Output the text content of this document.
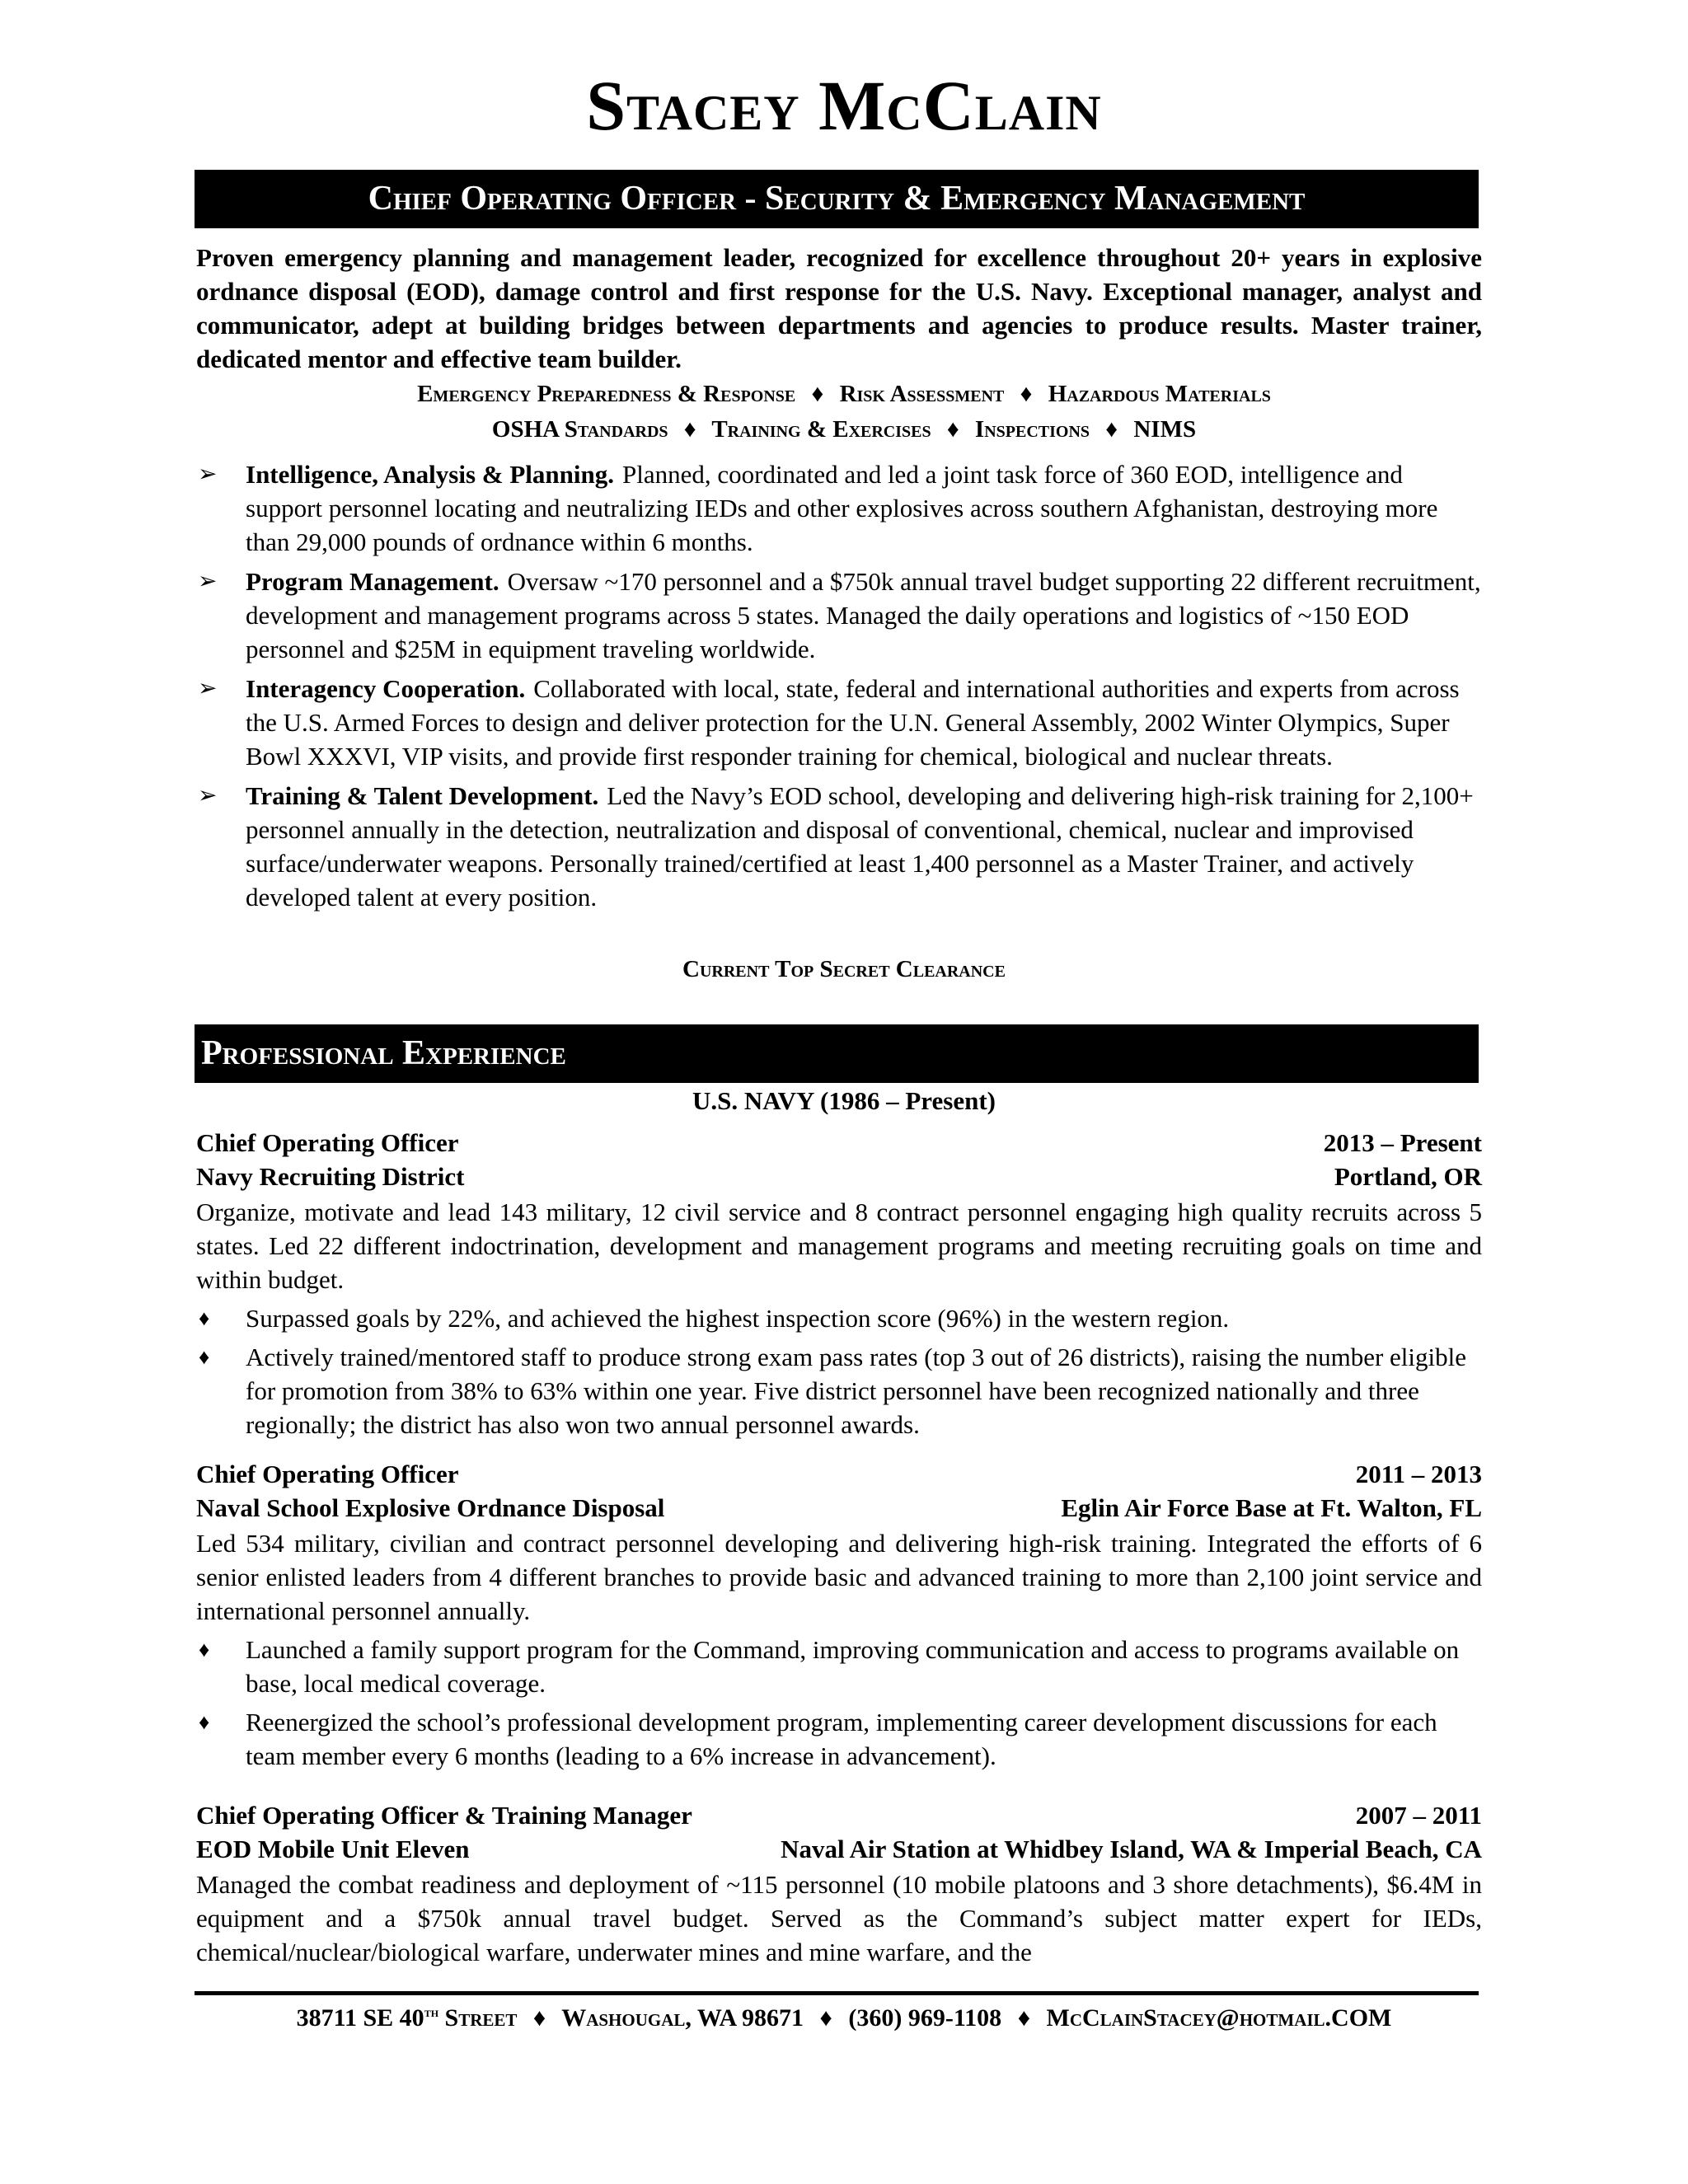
Stacey McClain
Chief Operating Officer - Security & Emergency Management
Proven emergency planning and management leader, recognized for excellence throughout 20+ years in explosive ordnance disposal (EOD), damage control and first response for the U.S. Navy. Exceptional manager, analyst and communicator, adept at building bridges between departments and agencies to produce results. Master trainer, dedicated mentor and effective team builder.
Emergency Preparedness & Response ♦ Risk Assessment ♦ Hazardous Materials
OSHA Standards ♦ Training & Exercises ♦ Inspections ♦ NIMS
➢ Intelligence, Analysis & Planning. Planned, coordinated and led a joint task force of 360 EOD, intelligence and support personnel locating and neutralizing IEDs and other explosives across southern Afghanistan, destroying more than 29,000 pounds of ordnance within 6 months.
➢ Program Management. Oversaw ~170 personnel and a $750k annual travel budget supporting 22 different recruitment, development and management programs across 5 states. Managed the daily operations and logistics of ~150 EOD personnel and $25M in equipment traveling worldwide.
➢ Interagency Cooperation. Collaborated with local, state, federal and international authorities and experts from across the U.S. Armed Forces to design and deliver protection for the U.N. General Assembly, 2002 Winter Olympics, Super Bowl XXXVI, VIP visits, and provide first responder training for chemical, biological and nuclear threats.
➢ Training & Talent Development. Led the Navy’s EOD school, developing and delivering high-risk training for 2,100+ personnel annually in the detection, neutralization and disposal of conventional, chemical, nuclear and improvised surface/underwater weapons. Personally trained/certified at least 1,400 personnel as a Master Trainer, and actively developed talent at every position.
Current Top Secret Clearance
Professional Experience
U.S. NAVY (1986 – Present)
Chief Operating Officer	2013 – Present
Navy Recruiting District	Portland, OR
Organize, motivate and lead 143 military, 12 civil service and 8 contract personnel engaging high quality recruits across 5 states. Led 22 different indoctrination, development and management programs and meeting recruiting goals on time and within budget.
♦ Surpassed goals by 22%, and achieved the highest inspection score (96%) in the western region.
♦ Actively trained/mentored staff to produce strong exam pass rates (top 3 out of 26 districts), raising the number eligible for promotion from 38% to 63% within one year. Five district personnel have been recognized nationally and three regionally; the district has also won two annual personnel awards.
Chief Operating Officer	2011 – 2013
Naval School Explosive Ordnance Disposal	Eglin Air Force Base at Ft. Walton, FL
Led 534 military, civilian and contract personnel developing and delivering high-risk training. Integrated the efforts of 6 senior enlisted leaders from 4 different branches to provide basic and advanced training to more than 2,100 joint service and international personnel annually.
♦ Launched a family support program for the Command, improving communication and access to programs available on base, local medical coverage.
♦ Reenergized the school’s professional development program, implementing career development discussions for each team member every 6 months (leading to a 6% increase in advancement).
Chief Operating Officer & Training Manager	2007 – 2011
EOD Mobile Unit Eleven	Naval Air Station at Whidbey Island, WA & Imperial Beach, CA
Managed the combat readiness and deployment of ~115 personnel (10 mobile platoons and 3 shore detachments), $6.4M in equipment and a $750k annual travel budget. Served as the Command’s subject matter expert for IEDs, chemical/nuclear/biological warfare, underwater mines and mine warfare, and the
38711 SE 40th Street ♦ Washougal, WA 98671 ♦ (360) 969-1108 ♦ McClainStacey@hotmail.COM
